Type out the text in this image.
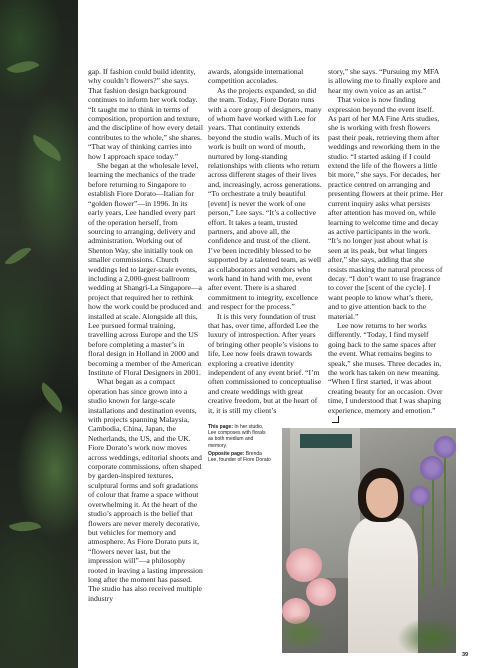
gap. If fashion could build identity, why couldn’t flowers?” she says. That fashion design background continues to inform her work today. “It taught me to think in terms of composition, proportion and texture, and the discipline of how every detail contributes to the whole,” she shares. “That way of thinking carries into how I approach space today.”

She began at the wholesale level, learning the mechanics of the trade before returning to Singapore to establish Fiore Dorato—Italian for “golden flower”—in 1996. In its early years, Lee handled every part of the operation herself, from sourcing to arranging, delivery and administration. Working out of Shenton Way, she initially took on smaller commissions. Church weddings led to larger-scale events, including a 2,000-guest ballroom wedding at Shangri-La Singapore—a project that required her to rethink how the work could be produced and installed at scale. Alongside all this, Lee pursued formal training, travelling across Europe and the US before completing a master’s in floral design in Holland in 2000 and becoming a member of the American Institute of Floral Designers in 2001.

What began as a compact operation has since grown into a studio known for large-scale installations and destination events, with projects spanning Malaysia, Cambodia, China, Japan, the Netherlands, the US, and the UK. Fiore Dorato’s work now moves across weddings, editorial shoots and corporate commissions, often shaped by garden-inspired textures, sculptural forms and soft gradations of colour that frame a space without overwhelming it. At the heart of the studio’s approach is the belief that flowers are never merely decorative, but vehicles for memory and atmosphere. As Fiore Dorato puts it, “flowers never last, but the impression will”—a philosophy rooted in leaving a lasting impression long after the moment has passed. The studio has also received multiple industry

awards, alongside international competition accolades.

As the projects expanded, so did the team. Today, Fiore Dorato runs with a core group of designers, many of whom have worked with Lee for years. That continuity extends beyond the studio walls. Much of its work is built on word of mouth, nurtured by long-standing relationships with clients who return across different stages of their lives and, increasingly, across generations. “To orchestrate a truly beautiful [event] is never the work of one person,” Lee says. “It’s a collective effort. It takes a team, trusted partners, and above all, the confidence and trust of the client. I’ve been incredibly blessed to be supported by a talented team, as well as collaborators and vendors who work hand in hand with me, event after event. There is a shared commitment to integrity, excellence and respect for the process.”

It is this very foundation of trust that has, over time, afforded Lee the luxury of introspection. After years of bringing other people’s visions to life, Lee now feels drawn towards exploring a creative identity independent of any event brief. “I’m often commissioned to conceptualise and create weddings with great creative freedom, but at the heart of it, it is still my client’s

story,” she says. “Pursuing my MFA is allowing me to finally explore and hear my own voice as an artist.”

That voice is now finding expression beyond the event itself. As part of her MA Fine Arts studies, she is working with fresh flowers past their peak, retrieving them after weddings and reworking them in the studio. “I started asking if I could extend the life of the flowers a little bit more,” she says. For decades, her practice centred on arranging and presenting flowers at their prime. Her current inquiry asks what persists after attention has moved on, while learning to welcome time and decay as active participants in the work. “It’s no longer just about what is seen at its peak, but what lingers after,” she says, adding that she resists masking the natural process of decay. “I don’t want to use fragrance to cover the [scent of the cycle]. I want people to know what’s there, and to give attention back to the material.”

Lee now returns to her works differently. “Today, I find myself going back to the same spaces after the event. What remains begins to speak,” she muses. Three decades in, the work has taken on new meaning. “When I first started, it was about creating beauty for an occasion. Over time, I understood that I was shaping experience, memory and emotion.”

This page: In her studio, Lee composes with florals as both medium and memory.
Opposite page: Brenda Lee, founder of Fiore Dorato
39
